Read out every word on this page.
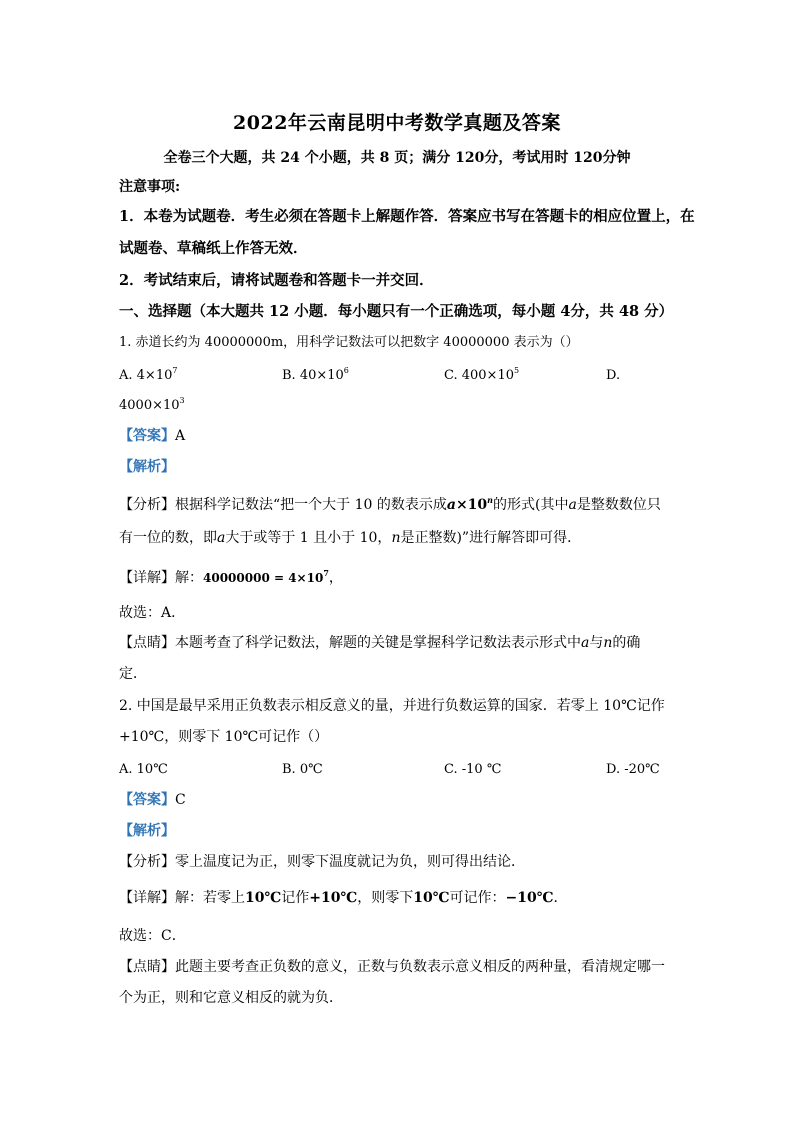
2022年云南昆明中考数学真题及答案
全卷三个大题，共 24 个小题，共 8 页；满分 120分，考试用时 120分钟
注意事项:
1．本卷为试题卷．考生必须在答题卡上解题作答．答案应书写在答题卡的相应位置上，在
试题卷、草稿纸上作答无效．
2．考试结束后，请将试题卷和答题卡一并交回．
一、选择题（本大题共 12 小题．每小题只有一个正确选项，每小题 4分，共 48 分）
1. 赤道长约为 40000000m，用科学记数法可以把数字 40000000 表示为（）
A. $4\times 10^7$	B. $40\times 10^6$	C. $400\times 10^5$	D.
$4000\times 10^3$
【答案】A
【解析】
【分析】根据科学记数法“把一个大于 10 的数表示成$a\times 10^n$的形式(其中a是整数数位只
有一位的数，即a大于或等于 1 且小于 10，n是正整数)”进行解答即可得．
【详解】解：$40000000 = 4\times 10^7$，
故选：A．
【点睛】本题考查了科学记数法，解题的关键是掌握科学记数法表示形式中a与n的确
定．
2. 中国是最早采用正负数表示相反意义的量，并进行负数运算的国家．若零上 10℃记作
+10℃，则零下 10℃可记作（）
A. 10℃	B. 0℃	C. -10 ℃	D. -20℃
【答案】C
【解析】
【分析】零上温度记为正，则零下温度就记为负，则可得出结论．
【详解】解：若零上10℃记作+10℃，则零下10℃可记作：−10℃．
故选：C．
【点睛】此题主要考查正负数的意义，正数与负数表示意义相反的两种量，看清规定哪一
个为正，则和它意义相反的就为负．
